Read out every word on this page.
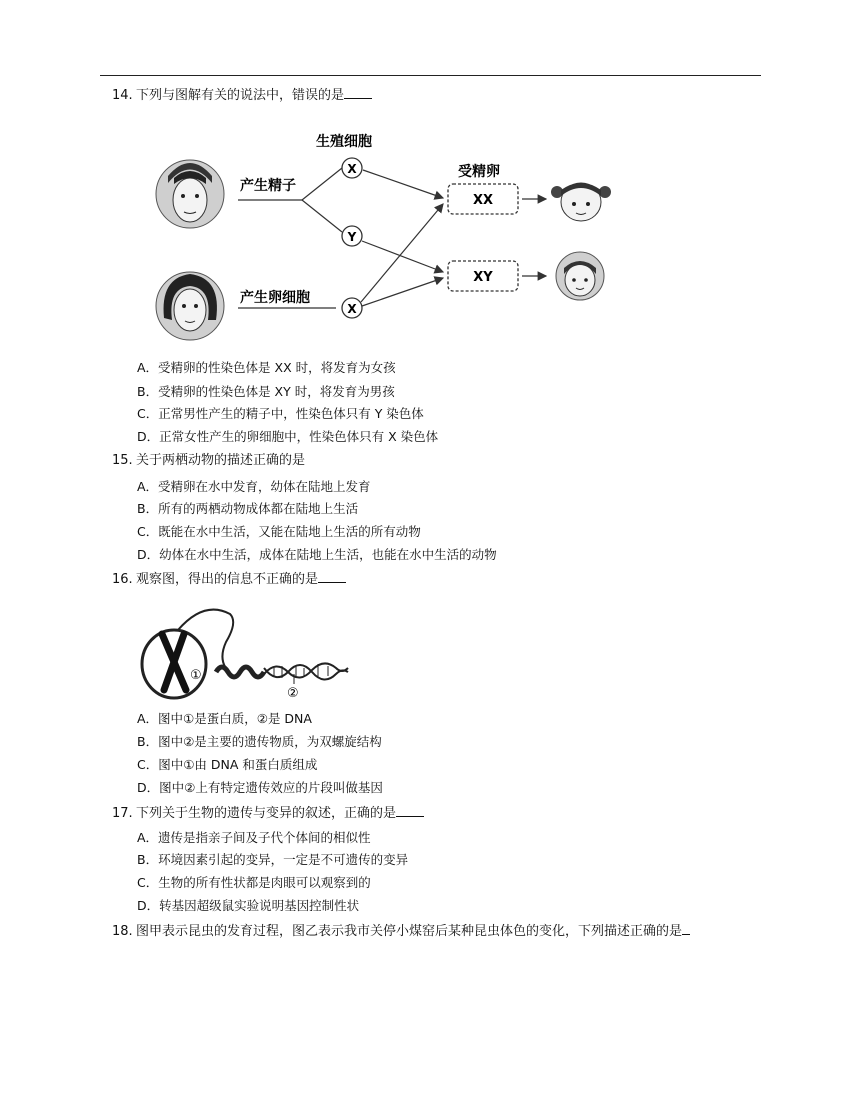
14. 下列与图解有关的说法中，错误的是
产生精子
产生卵细胞
生殖细胞
受精卵
X
Y
X
XX
XY
A．受精卵的性染色体是 XX 时，将发育为女孩
B．受精卵的性染色体是 XY 时，将发育为男孩
C．正常男性产生的精子中，性染色体只有 Y 染色体
D．正常女性产生的卵细胞中，性染色体只有 X 染色体
15. 关于两栖动物的描述正确的是
A．受精卵在水中发育，幼体在陆地上发育
B．所有的两栖动物成体都在陆地上生活
C．既能在水中生活，又能在陆地上生活的所有动物
D．幼体在水中生活，成体在陆地上生活，也能在水中生活的动物
16. 观察图，得出的信息不正确的是
①
②
A．图中①是蛋白质，②是 DNA
B．图中②是主要的遗传物质，为双螺旋结构
C．图中①由 DNA 和蛋白质组成
D．图中②上有特定遗传效应的片段叫做基因
17. 下列关于生物的遗传与变异的叙述，正确的是
A．遗传是指亲子间及子代个体间的相似性
B．环境因素引起的变异，一定是不可遗传的变异
C．生物的所有性状都是肉眼可以观察到的
D．转基因超级鼠实验说明基因控制性状
18. 图甲表示昆虫的发育过程，图乙表示我市关停小煤窑后某种昆虫体色的变化，下列描述正确的是
